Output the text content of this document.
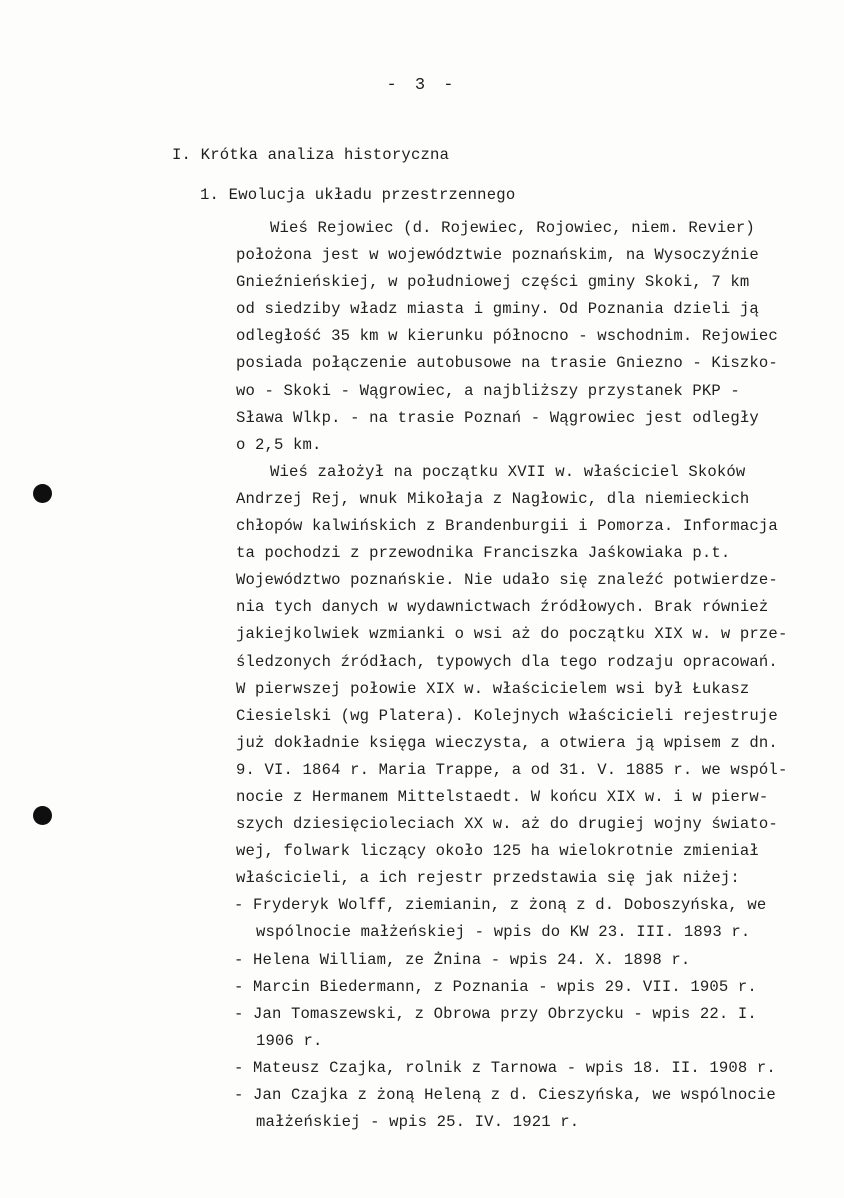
- 3 -
I. Krótka analiza historyczna
1. Ewolucja układu przestrzennego
Wieś Rejowiec (d. Rojewiec, Rojowiec, niem. Revier)
położona jest w województwie poznańskim, na Wysoczyźnie
Gnieźnieńskiej, w południowej części gminy Skoki, 7 km
od siedziby władz miasta i gminy. Od Poznania dzieli ją
odległość 35 km w kierunku północno - wschodnim. Rejowiec
posiada połączenie autobusowe na trasie Gniezno - Kiszko-
wo - Skoki - Wągrowiec, a najbliższy przystanek PKP -
Sława Wlkp. - na trasie Poznań - Wągrowiec jest odległy
o 2,5 km.
Wieś założył na początku XVII w. właściciel Skoków
Andrzej Rej, wnuk Mikołaja z Nagłowic, dla niemieckich
chłopów kalwińskich z Brandenburgii i Pomorza. Informacja
ta pochodzi z przewodnika Franciszka Jaśkowiaka p.t.
Województwo poznańskie. Nie udało się znaleźć potwierdze-
nia tych danych w wydawnictwach źródłowych. Brak również
jakiejkolwiek wzmianki o wsi aż do początku XIX w. w prze-
śledzonych źródłach, typowych dla tego rodzaju opracowań.
W pierwszej połowie XIX w. właścicielem wsi był Łukasz
Ciesielski (wg Platera). Kolejnych właścicieli rejestruje
już dokładnie księga wieczysta, a otwiera ją wpisem z dn.
9. VI. 1864 r. Maria Trappe, a od 31. V. 1885 r. we wspól-
nocie z Hermanem Mittelstaedt. W końcu XIX w. i w pierw-
szych dziesięcioleciach XX w. aż do drugiej wojny świato-
wej, folwark liczący około 125 ha wielokrotnie zmieniał
właścicieli, a ich rejestr przedstawia się jak niżej:
- Fryderyk Wolff, ziemianin, z żoną z d. Doboszyńska, we
wspólnocie małżeńskiej - wpis do KW 23. III. 1893 r.
- Helena William, ze Żnina - wpis 24. X. 1898 r.
- Marcin Biedermann, z Poznania - wpis 29. VII. 1905 r.
- Jan Tomaszewski, z Obrowa przy Obrzycku - wpis 22. I.
1906 r.
- Mateusz Czajka, rolnik z Tarnowa - wpis 18. II. 1908 r.
- Jan Czajka z żoną Heleną z d. Cieszyńska, we wspólnocie
małżeńskiej - wpis 25. IV. 1921 r.
